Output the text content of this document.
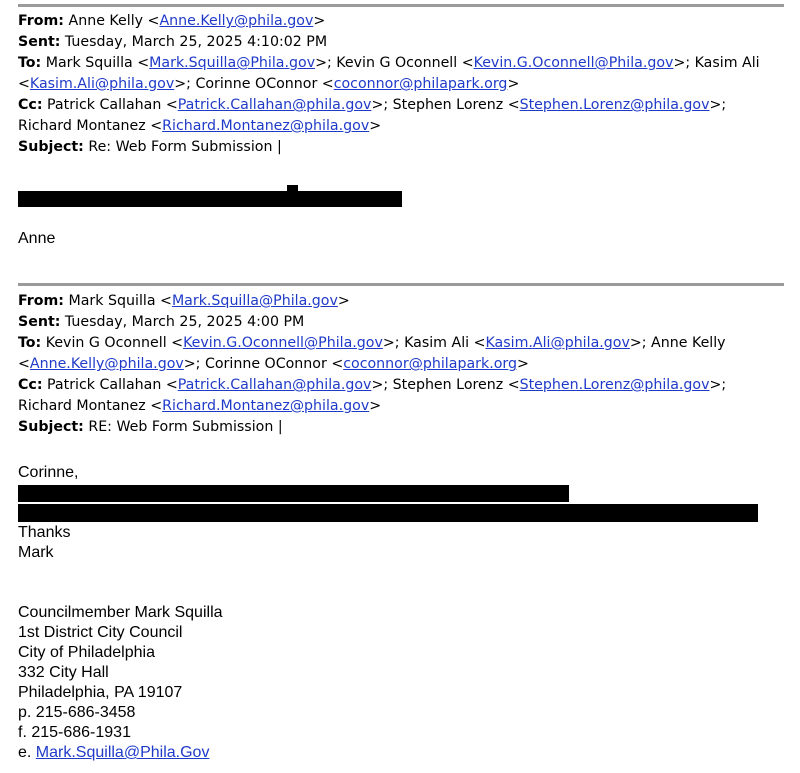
From: Anne Kelly <Anne.Kelly@phila.gov>
Sent: Tuesday, March 25, 2025 4:10:02 PM
To: Mark Squilla <Mark.Squilla@Phila.gov>; Kevin G Oconnell <Kevin.G.Oconnell@Phila.gov>; Kasim Ali
<Kasim.Ali@phila.gov>; Corinne OConnor <coconnor@philapark.org>
Cc: Patrick Callahan <Patrick.Callahan@phila.gov>; Stephen Lorenz <Stephen.Lorenz@phila.gov>;
Richard Montanez <Richard.Montanez@phila.gov>
Subject: Re: Web Form Submission |
Anne
From: Mark Squilla <Mark.Squilla@Phila.gov>
Sent: Tuesday, March 25, 2025 4:00 PM
To: Kevin G Oconnell <Kevin.G.Oconnell@Phila.gov>; Kasim Ali <Kasim.Ali@phila.gov>; Anne Kelly
<Anne.Kelly@phila.gov>; Corinne OConnor <coconnor@philapark.org>
Cc: Patrick Callahan <Patrick.Callahan@phila.gov>; Stephen Lorenz <Stephen.Lorenz@phila.gov>;
Richard Montanez <Richard.Montanez@phila.gov>
Subject: RE: Web Form Submission |
Corinne,
Thanks
Mark
Councilmember Mark Squilla
1st District City Council
City of Philadelphia
332 City Hall
Philadelphia, PA 19107
p. 215-686-3458
f. 215-686-1931
e. Mark.Squilla@Phila.Gov
